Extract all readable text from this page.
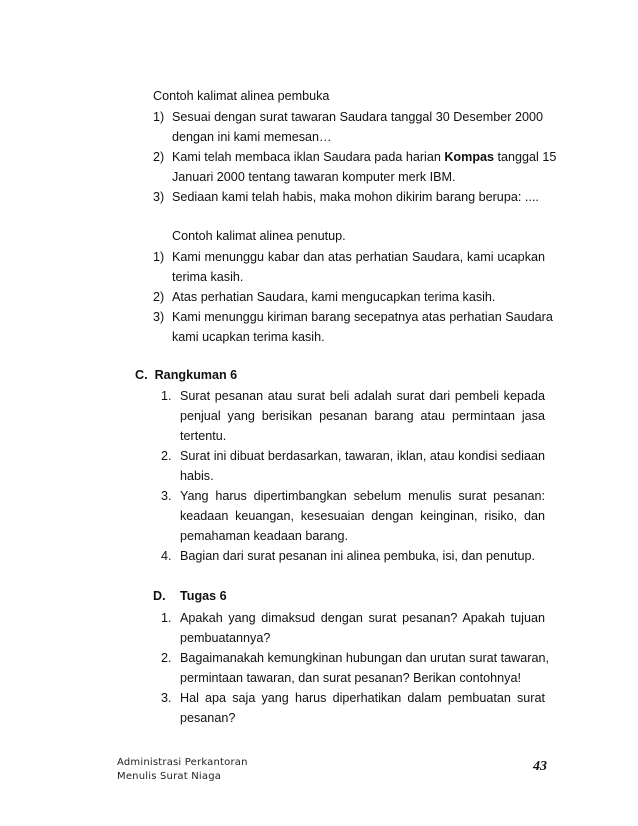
Contoh kalimat alinea pembuka
1) Sesuai dengan surat tawaran Saudara tanggal 30 Desember 2000
dengan ini kami memesan…
2) Kami telah membaca iklan Saudara pada harian Kompas tanggal 15
Januari 2000 tentang tawaran komputer merk IBM.
3) Sediaan kami telah habis, maka mohon dikirim barang berupa: ....
Contoh kalimat alinea penutup.
1) Kami menunggu kabar dan atas perhatian Saudara, kami ucapkan
terima kasih.
2) Atas perhatian Saudara, kami mengucapkan terima kasih.
3) Kami menunggu kiriman barang secepatnya atas perhatian Saudara
kami ucapkan terima kasih.
C.  Rangkuman 6
1. Surat pesanan atau surat beli adalah surat dari pembeli kepada
penjual yang berisikan pesanan barang atau permintaan jasa
tertentu.
2. Surat ini dibuat berdasarkan, tawaran, iklan, atau kondisi sediaan
habis.
3. Yang harus dipertimbangkan sebelum menulis surat pesanan:
keadaan keuangan, kesesuaian dengan keinginan, risiko, dan
pemahaman keadaan barang.
4. Bagian dari surat pesanan ini alinea pembuka, isi, dan penutup.
D. Tugas 6
1. Apakah yang dimaksud dengan surat pesanan? Apakah tujuan
pembuatannya?
2. Bagaimanakah kemungkinan hubungan dan urutan surat tawaran,
permintaan tawaran, dan surat pesanan? Berikan contohnya!
3. Hal apa saja yang harus diperhatikan dalam pembuatan surat
pesanan?
Administrasi Perkantoran
Menulis Surat Niaga
43
